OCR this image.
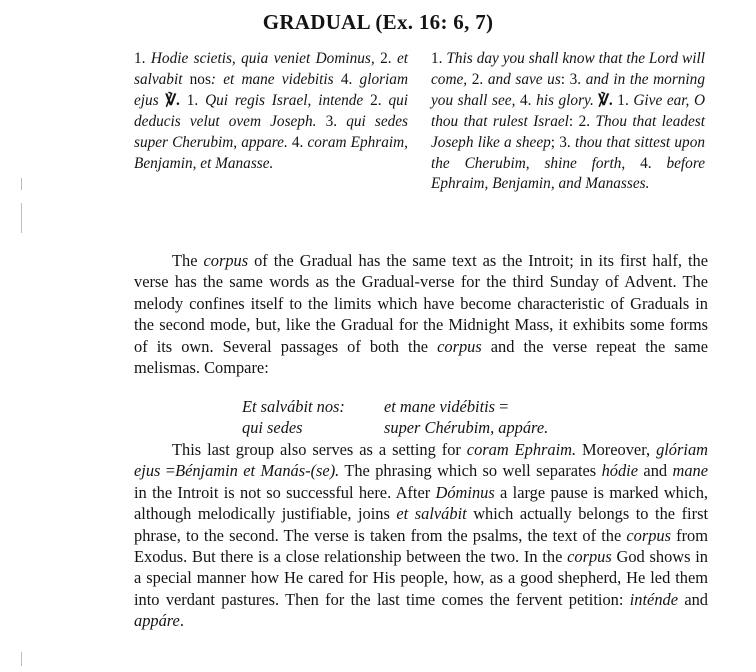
GRADUAL (Ex. 16: 6, 7)
1. Hodie scietis, quia veniet Dominus, 2. et salvabit nos: et mane videbitis 4. gloriam ejus ℣. 1. Qui regis Israel, intende 2. qui deducis velut ovem Joseph. 3. qui sedes super Cherubim, appare. 4. coram Ephraim, Benjamin, et Manasse.
1. This day you shall know that the Lord will come, 2. and save us: 3. and in the morning you shall see, 4. his glory. ℣. 1. Give ear, O thou that rulest Israel: 2. Thou that leadest Joseph like a sheep; 3. thou that sittest upon the Cherubim, shine forth, 4. before Ephraim, Benjamin, and Manasses.

The corpus of the Gradual has the same text as the Introit; in its first half, the verse has the same words as the Gradual-verse for the third Sunday of Advent. The melody confines itself to the limits which have become characteristic of Graduals in the second mode, but, like the Gradual for the Midnight Mass, it exhibits some forms of its own. Several passages of both the corpus and the verse repeat the same melismas. Compare:

Et salvábit nos:	et mane vidébitis =
qui sedes	super Chérubim, appáre.

This last group also serves as a setting for coram Ephraim. Moreover, glóriam ejus =Bénjamin et Manás-(se). The phrasing which so well separates hódie and mane in the Introit is not so successful here. After Dóminus a large pause is marked which, although melodically justifiable, joins et salvábit which actually belongs to the first phrase, to the second. The verse is taken from the psalms, the text of the corpus from Exodus. But there is a close relationship between the two. In the corpus God shows in a special manner how He cared for His people, how, as a good shepherd, He led them into verdant pastures. Then for the last time comes the fervent petition: inténde and appáre.
